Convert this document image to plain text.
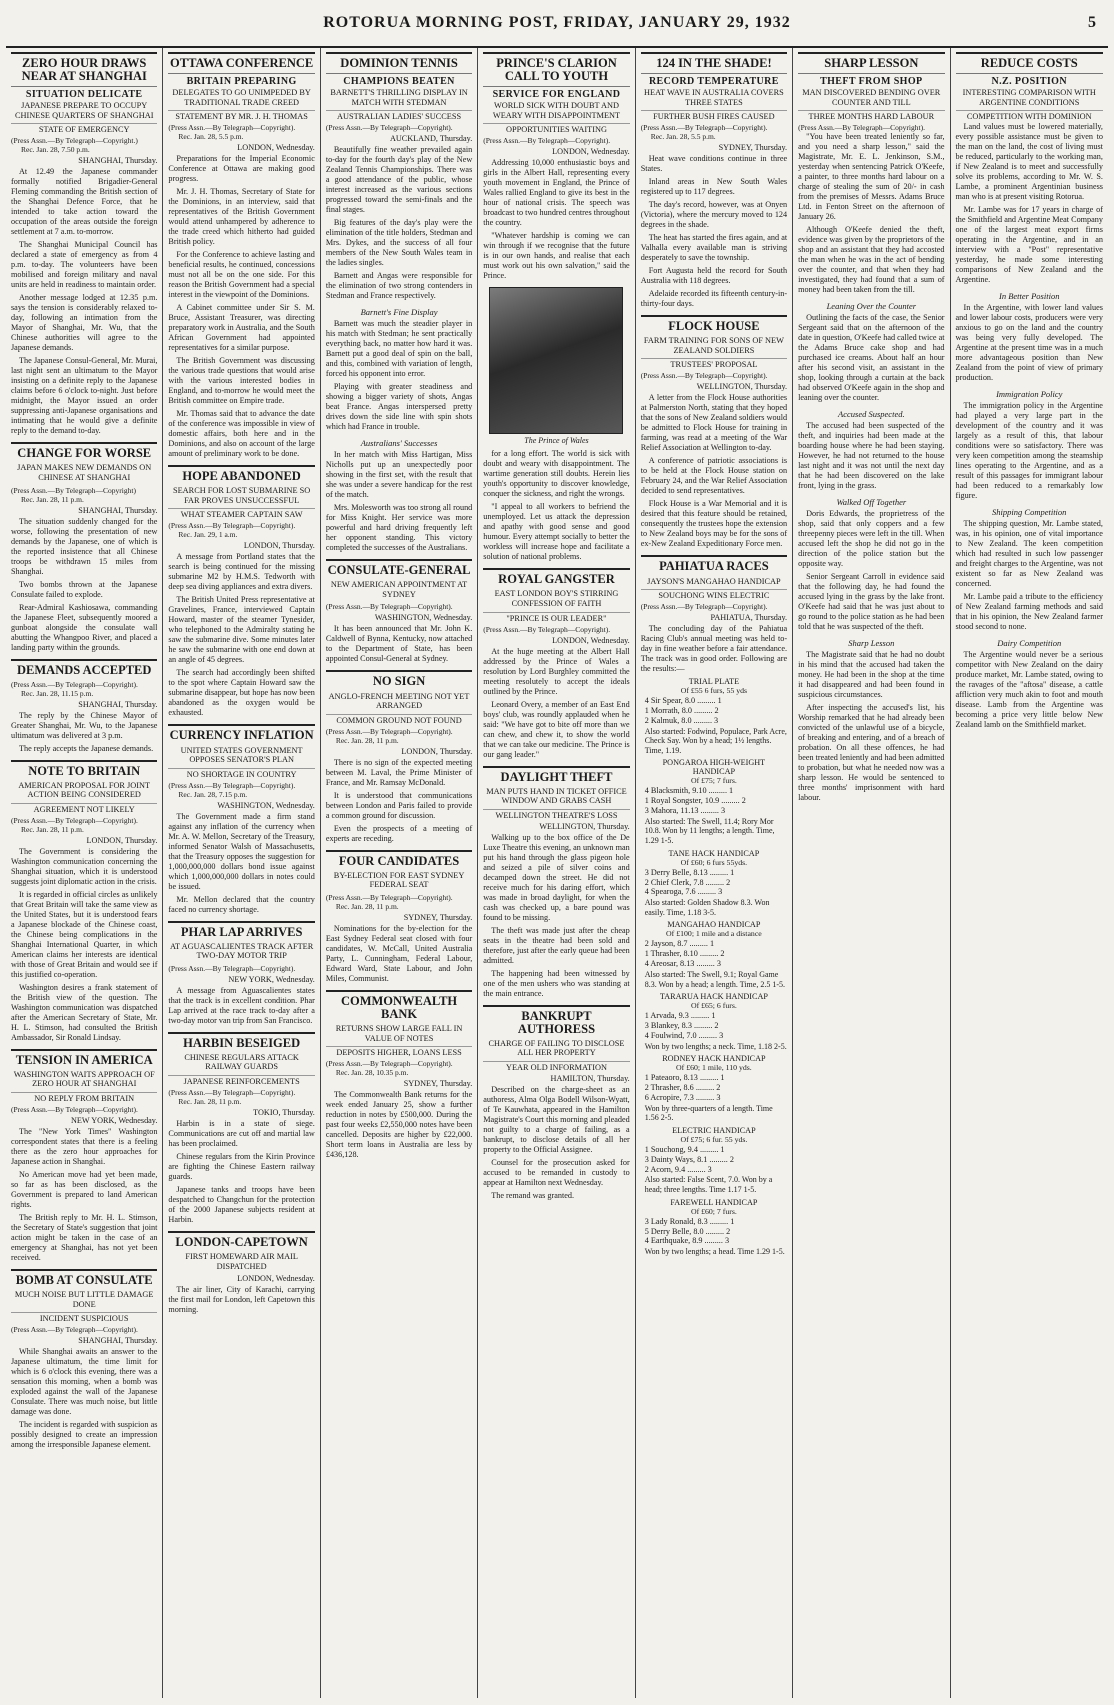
ROTORUA MORNING POST, FRIDAY, JANUARY 29, 1932	5
ZERO HOUR DRAWS NEAR AT SHANGHAI
SITUATION DELICATE
JAPANESE PREPARE TO OCCUPY CHINESE QUARTERS OF SHANGHAI
STATE OF EMERGENCY
(Press Assn.—By Telegraph—Copyright.)
Rec. Jan. 28, 7.50 p.m.
SHANGHAI, Thursday.

At 12.49 the Japanese commander formally notified Brigadier-General Fleming commanding the British section of the Shanghai Defence Force, that he intended to take action toward the occupation of the areas outside the foreign settlement at 7 a.m. to-morrow.

The Shanghai Municipal Council has declared a state of emergency as from 4 p.m. to-day. The volunteers have been mobilised and foreign military and naval units are held in readiness to maintain order.

Another message lodged at 12.35 p.m. says the tension is considerably relaxed to-day, following an intimation from the Mayor of Shanghai, Mr. Wu, that the Chinese authorities will agree to the Japanese demands.

The Japanese Consul-General, Mr. Murai, last night sent an ultimatum to the Mayor insisting on a definite reply to the Japanese claims before 6 o'clock to-night. Just before midnight, the Mayor issued an order suppressing anti-Japanese organisations and intimating that he would give a definite reply to the demand to-day.

CHANGE FOR WORSE
JAPAN MAKES NEW DEMANDS ON CHINESE AT SHANGHAI
(Press Assn.—By Telegraph—Copyright)
Rec. Jan. 28, 11 p.m.
SHANGHAI, Thursday.

The situation suddenly changed for the worse, following the presentation of new demands by the Japanese, one of which is the reported insistence that all Chinese troops be withdrawn 15 miles from Shanghai.

Two bombs thrown at the Japanese Consulate failed to explode.

Rear-Admiral Kashiosawa, commanding the Japanese Fleet, subsequently moored a gunboat alongside the consulate wall abutting the Whangpoo River, and placed a landing party within the grounds.

DEMANDS ACCEPTED
(Press Assn.—By Telegraph—Copyright).
Rec. Jan. 28, 11.15 p.m.
SHANGHAI, Thursday.

The reply by the Chinese Mayor of Greater Shanghai, Mr. Wu, to the Japanese ultimatum was delivered at 3 p.m.

The reply accepts the Japanese demands.

NOTE TO BRITAIN
AMERICAN PROPOSAL FOR JOINT ACTION BEING CONSIDERED
AGREEMENT NOT LIKELY
(Press Assn.—By Telegraph—Copyright).
Rec. Jan. 28, 11 p.m.
LONDON, Thursday.

The Government is considering the Washington communication concerning the Shanghai situation, which it is understood suggests joint diplomatic action in the crisis.

It is regarded in official circles as unlikely that Great Britain will take the same view as the United States, but it is understood fears a Japanese blockade of the Chinese coast, the Chinese being complications in the Shanghai International Quarter, in which American claims her interests are identical with those of Great Britain and would see if this justified co-operation.

Washington desires a frank statement of the British view of the question. The Washington communication was dispatched after the American Secretary of State, Mr. H. L. Stimson, had consulted the British Ambassador, Sir Ronald Lindsay.

TENSION IN AMERICA
WASHINGTON WAITS APPROACH OF ZERO HOUR AT SHANGHAI
NO REPLY FROM BRITAIN
(Press Assn.—By Telegraph—Copyright).
NEW YORK, Wednesday.

The "New York Times" Washington correspondent states that there is a feeling there as the zero hour approaches for Japanese action in Shanghai.

No American move had yet been made, so far as has been disclosed, as the Government is prepared to land American rights.

The British reply to Mr. H. L. Stimson, the Secretary of State's suggestion that joint action might be taken in the case of an emergency at Shanghai, has not yet been received.

BOMB AT CONSULATE
MUCH NOISE BUT LITTLE DAMAGE DONE
INCIDENT SUSPICIOUS
(Press Assn.—By Telegraph—Copyright).
SHANGHAI, Thursday.

While Shanghai awaits an answer to the Japanese ultimatum, the time limit for which is 6 o'clock this evening, there was a sensation this morning, when a bomb was exploded against the wall of the Japanese Consulate. There was much noise, but little damage was done.

The incident is regarded with suspicion as possibly designed to create an impression among the irresponsible Japanese element.

OTTAWA CONFERENCE
BRITAIN PREPARING
DELEGATES TO GO UNIMPEDED BY TRADITIONAL TRADE CREED
STATEMENT BY MR. J. H. THOMAS
(Press Assn.—By Telegraph—Copyright).
Rec. Jan. 28, 5.5 p.m.
LONDON, Wednesday.

Preparations for the Imperial Economic Conference at Ottawa are making good progress.

Mr. J. H. Thomas, Secretary of State for the Dominions, in an interview, said that representatives of the British Government would attend unhampered by adherence to the trade creed which hitherto had guided British policy.

For the Conference to achieve lasting and beneficial results, he continued, concessions must not all be on the one side. For this reason the British Government had a special interest in the viewpoint of the Dominions.

A Cabinet committee under Sir S. M. Bruce, Assistant Treasurer, was directing preparatory work in Australia, and the South African Government had appointed representatives for a similar purpose.

The British Government was discussing the various trade questions that would arise with the various interested bodies in England, and to-morrow he would meet the British committee on Empire trade.

Mr. Thomas said that to advance the date of the conference was impossible in view of domestic affairs, both here and in the Dominions, and also on account of the large amount of preliminary work to be done.

HOPE ABANDONED
SEARCH FOR LOST SUBMARINE SO FAR PROVES UNSUCCESSFUL
WHAT STEAMER CAPTAIN SAW
(Press Assn.—By Telegraph—Copyright).
Rec. Jan. 29, 1 a.m.
LONDON, Thursday.

A message from Portland states that the search is being continued for the missing submarine M2 by H.M.S. Tedworth with deep sea diving appliances and extra divers.

The British United Press representative at Gravelines, France, interviewed Captain Howard, master of the steamer Tynesider, who telephoned to the Admiralty stating he saw the submarine dive. Some minutes later he saw the submarine with one end down at an angle of 45 degrees.

The search had accordingly been shifted to the spot where Captain Howard saw the submarine disappear, but hope has now been abandoned as the oxygen would be exhausted.

CURRENCY INFLATION
UNITED STATES GOVERNMENT OPPOSES SENATOR'S PLAN
NO SHORTAGE IN COUNTRY
(Press Assn.—By Telegraph—Copyright).
Rec. Jan. 28, 7.15 p.m.
WASHINGTON, Wednesday.

The Government made a firm stand against any inflation of the currency when Mr. A. W. Mellon, Secretary of the Treasury, informed Senator Walsh of Massachusetts, that the Treasury opposes the suggestion for 1,000,000,000 dollars bond issue against which 1,000,000,000 dollars in notes could be issued.

Mr. Mellon declared that the country faced no currency shortage.

PHAR LAP ARRIVES
AT AGUASCALIENTES TRACK AFTER TWO-DAY MOTOR TRIP
(Press Assn.—By Telegraph—Copyright).
NEW YORK, Wednesday.

A message from Aguascalientes states that the track is in excellent condition. Phar Lap arrived at the race track to-day after a two-day motor van trip from San Francisco.

HARBIN BESEIGED
CHINESE REGULARS ATTACK RAILWAY GUARDS
JAPANESE REINFORCEMENTS
(Press Assn.—By Telegraph—Copyright).
Rec. Jan. 28, 11 p.m.
TOKIO, Thursday.

Harbin is in a state of siege. Communications are cut off and martial law has been proclaimed.

Chinese regulars from the Kirin Province are fighting the Chinese Eastern railway guards.

Japanese tanks and troops have been despatched to Changchun for the protection of the 2000 Japanese subjects resident at Harbin.

LONDON-CAPETOWN
FIRST HOMEWARD AIR MAIL DISPATCHED
LONDON, Wednesday.

The air liner, City of Karachi, carrying the first mail for London, left Capetown this morning.

DOMINION TENNIS
CHAMPIONS BEATEN
BARNETT'S THRILLING DISPLAY IN MATCH WITH STEDMAN
AUSTRALIAN LADIES' SUCCESS
(Press Assn.—By Telegraph—Copyright).
AUCKLAND, Thursday.

Beautifully fine weather prevailed again to-day for the fourth day's play of the New Zealand Tennis Championships. There was a good attendance of the public, whose interest increased as the various sections progressed toward the semi-finals and the final stages.

Big features of the day's play were the elimination of the title holders, Stedman and Mrs. Dykes, and the success of all four members of the New South Wales team in the ladies singles.

Barnett and Angas were responsible for the elimination of two strong contenders in Stedman and France respectively.

Barnett's Fine Display

Barnett was much the steadier player in his match with Stedman; he sent practically everything back, no matter how hard it was. Barnett put a good deal of spin on the ball, and this, combined with variation of length, forced his opponent into error.

Playing with greater steadiness and showing a bigger variety of shots, Angas beat France. Angas interspersed pretty drives down the side line with spin shots which had France in trouble.

Australians' Successes

In her match with Miss Hartigan, Miss Nicholls put up an unexpectedly poor showing in the first set, with the result that she was under a severe handicap for the rest of the match.

Mrs. Molesworth was too strong all round for Miss Knight. Her service was more powerful and hard driving frequently left her opponent standing. This victory completed the successes of the Australians.

CONSULATE-GENERAL
NEW AMERICAN APPOINTMENT AT SYDNEY
(Press Assn.—By Telegraph—Copyright).
WASHINGTON, Wednesday.

It has been announced that Mr. John K. Caldwell of Bynna, Kentucky, now attached to the Department of State, has been appointed Consul-General at Sydney.

NO SIGN
ANGLO-FRENCH MEETING NOT YET ARRANGED
COMMON GROUND NOT FOUND
(Press Assn.—By Telegraph—Copyright).
Rec. Jan. 28, 11 p.m.
LONDON, Thursday.

There is no sign of the expected meeting between M. Laval, the Prime Minister of France, and Mr. Ramsay McDonald.

It is understood that communications between London and Paris failed to provide a common ground for discussion.

Even the prospects of a meeting of experts are receding.

FOUR CANDIDATES
BY-ELECTION FOR EAST SYDNEY FEDERAL SEAT
(Press Assn.—By Telegraph—Copyright).
Rec. Jan. 28, 11 p.m.
SYDNEY, Thursday.

Nominations for the by-election for the East Sydney Federal seat closed with four candidates, W. McCall, United Australia Party, L. Cunningham, Federal Labour, Edward Ward, State Labour, and John Miles, Communist.

COMMONWEALTH BANK
RETURNS SHOW LARGE FALL IN VALUE OF NOTES
DEPOSITS HIGHER, LOANS LESS
(Press Assn.—By Telegraph—Copyright).
Rec. Jan. 28, 10.35 p.m.
SYDNEY, Thursday.

The Commonwealth Bank returns for the week ended January 25, show a further reduction in notes by £500,000. During the past four weeks £2,550,000 notes have been cancelled. Deposits are higher by £22,000. Short term loans in Australia are less by £436,128.

PRINCE'S CLARION CALL TO YOUTH
SERVICE FOR ENGLAND
WORLD SICK WITH DOUBT AND WEARY WITH DISAPPOINTMENT
OPPORTUNITIES WAITING
(Press Assn.—By Telegraph—Copyright).
LONDON, Wednesday.

Addressing 10,000 enthusiastic boys and girls in the Albert Hall, representing every youth movement in England, the Prince of Wales rallied England to give its best in the hour of national crisis. The speech was broadcast to two hundred centres throughout the country.

"Whatever hardship is coming we can win through if we recognise that the future is in our own hands, and realise that each must work out his own salvation," said the Prince.

The Prince of Wales

for a long effort. The world is sick with doubt and weary with disappointment. The wartime generation still doubts. Herein lies youth's opportunity to discover knowledge, conquer the sickness, and right the wrongs.

"I appeal to all workers to befriend the unemployed. Let us attack the depression and apathy with good sense and good humour. Every attempt socially to better the workless will increase hope and facilitate a solution of national problems.

ROYAL GANGSTER
EAST LONDON BOY'S STIRRING CONFESSION OF FAITH
"PRINCE IS OUR LEADER"
(Press Assn.—By Telegraph—Copyright).
LONDON, Wednesday.

At the huge meeting at the Albert Hall addressed by the Prince of Wales a resolution by Lord Burghley committed the meeting resolutely to accept the ideals outlined by the Prince.

Leonard Overy, a member of an East End boys' club, was roundly applauded when he said: "We have got to bite off more than we can chew, and chew it, to show the world that we can take our medicine. The Prince is our gang leader."

DAYLIGHT THEFT
MAN PUTS HAND IN TICKET OFFICE WINDOW AND GRABS CASH
WELLINGTON THEATRE'S LOSS
WELLINGTON, Thursday.

Walking up to the box office of the De Luxe Theatre this evening, an unknown man put his hand through the glass pigeon hole and seized a pile of silver coins and decamped down the street. He did not receive much for his daring effort, which was made in broad daylight, for when the cash was checked up, a bare pound was found to be missing.

The theft was made just after the cheap seats in the theatre had been sold and therefore, just after the early queue had been admitted.

The happening had been witnessed by one of the men ushers who was standing at the main entrance.

BANKRUPT AUTHORESS
CHARGE OF FAILING TO DISCLOSE ALL HER PROPERTY
YEAR OLD INFORMATION
HAMILTON, Thursday.

Described on the charge-sheet as an authoress, Alma Olga Bodell Wilson-Wyatt, of Te Kauwhata, appeared in the Hamilton Magistrate's Court this morning and pleaded not guilty to a charge of failing, as a bankrupt, to disclose details of all her property to the Official Assignee.

Counsel for the prosecution asked for accused to be remanded in custody to appear at Hamilton next Wednesday.

The remand was granted.

124 IN THE SHADE!
RECORD TEMPERATURE
HEAT WAVE IN AUSTRALIA COVERS THREE STATES
FURTHER BUSH FIRES CAUSED
(Press Assn.—By Telegraph—Copyright).
Rec. Jan. 28, 5.5 p.m.
SYDNEY, Thursday.

Heat wave conditions continue in three States.

Inland areas in New South Wales registered up to 117 degrees.

The day's record, however, was at Onyen (Victoria), where the mercury moved to 124 degrees in the shade.

The heat has started the fires again, and at Valhalla every available man is striving desperately to save the township.

Fort Augusta held the record for South Australia with 118 degrees.

Adelaide recorded its fifteenth century-in-thirty-four days.

FLOCK HOUSE
FARM TRAINING FOR SONS OF NEW ZEALAND SOLDIERS
TRUSTEES' PROPOSAL
(Press Assn.—By Telegraph—Copyright).
WELLINGTON, Thursday.

A letter from the Flock House authorities at Palmerston North, stating that they hoped that the sons of New Zealand soldiers would be admitted to Flock House for training in farming, was read at a meeting of the War Relief Association at Wellington to-day.

A conference of patriotic associations is to be held at the Flock House station on February 24, and the War Relief Association decided to send representatives.

Flock House is a War Memorial and it is desired that this feature should be retained, consequently the trustees hope the extension to New Zealand boys may be for the sons of ex-New Zealand Expeditionary Force men.

PAHIATUA RACES
JAYSON'S MANGAHAO HANDICAP
SOUCHONG WINS ELECTRIC
(Press Assn.—By Telegraph—Copyright).
PAHIATUA, Thursday.

The concluding day of the Pahiatua Racing Club's annual meeting was held to-day in fine weather before a fair attendance. The track was in good order. Following are the results:—

TRIAL PLATE
Of £55 6 furs, 55 yds
4 Sir Spear, 8.0 ......... 1
1 Morrath, 8.0 ......... 2
2 Kalmuk, 8.0 ......... 3
Also started: Fodwind, Populace, Park Acre, Check Say. Won by a head; 1½ lengths. Time, 1.19.
PONGAROA HIGH-WEIGHT HANDICAP
Of £75; 7 furs.
4 Blacksmith, 9.10 ......... 1
1 Royal Songster, 10.9 ......... 2
3 Mahora, 11.13 ......... 3
Also started: The Swell, 11.4; Rory Mor 10.8. Won by 11 lengths; a length. Time, 1.29 1-5.
TANE HACK HANDICAP
Of £60; 6 furs 55yds.
3 Derry Belle, 8.13 ......... 1
2 Chief Clerk, 7.8 ......... 2
4 Spearoga, 7.6 ......... 3
Also started: Golden Shadow 8.3. Won easily. Time, 1.18 3-5.
MANGAHAO HANDICAP
Of £100; 1 mile and a distance
2 Jayson, 8.7 ......... 1
1 Thrasher, 8.10 ......... 2
4 Areosar, 8.13 ......... 3
Also started: The Swell, 9.1; Royal Game 8.3. Won by a head; a length. Time, 2.5 1-5.
TARARUA HACK HANDICAP
Of £65; 6 furs.
1 Arvada, 9.3 ......... 1
3 Blankey, 8.3 ......... 2
4 Foulwind, 7.0 ......... 3
Won by two lengths; a neck. Time, 1.18 2-5.
RODNEY HACK HANDICAP
Of £60; 1 mile, 110 yds.
1 Pateaoro, 8.13 ......... 1
2 Thrasher, 8.6 ......... 2
6 Acropire, 7.3 ......... 3
Won by three-quarters of a length. Time 1.56 2-5.
ELECTRIC HANDICAP
Of £75; 6 fur. 55 yds.
1 Souchong, 9.4 ......... 1
3 Dainty Ways, 8.1 ......... 2
2 Acorn, 9.4 ......... 3
Also started: False Scent, 7.0. Won by a head; three lengths. Time 1.17 1-5.
FAREWELL HANDICAP
Of £60; 7 furs.
3 Lady Ronald, 8.3 ......... 1
5 Derry Belle, 8.0 ......... 2
4 Earthquake, 8.9 ......... 3
Won by two lengths; a head. Time 1.29 1-5.
SHARP LESSON
THEFT FROM SHOP
MAN DISCOVERED BENDING OVER COUNTER AND TILL
THREE MONTHS HARD LABOUR
(Press Assn.—By Telegraph—Copyright).

"You have been treated leniently so far, and you need a sharp lesson," said the Magistrate, Mr. E. L. Jenkinson, S.M., yesterday when sentencing Patrick O'Keefe, a painter, to three months hard labour on a charge of stealing the sum of 20/- in cash from the premises of Messrs. Adams Bruce Ltd. in Fenton Street on the afternoon of January 26.

Although O'Keefe denied the theft, evidence was given by the proprietors of the shop and an assistant that they had accosted the man when he was in the act of bending over the counter, and that when they had investigated, they had found that a sum of money had been taken from the till.

Leaning Over the Counter

Outlining the facts of the case, the Senior Sergeant said that on the afternoon of the date in question, O'Keefe had called twice at the Adams Bruce cake shop and had purchased ice creams. About half an hour after his second visit, an assistant in the shop, looking through a curtain at the back had observed O'Keefe again in the shop and leaning over the counter.

Accused Suspected.

The accused had been suspected of the theft, and inquiries had been made at the boarding house where he had been staying. However, he had not returned to the house last night and it was not until the next day that he had been discovered on the lake front, lying in the grass.

Walked Off Together

Doris Edwards, the proprietress of the shop, said that only coppers and a few threepenny pieces were left in the till. When accused left the shop he did not go in the direction of the police station but the opposite way.

Senior Sergeant Carroll in evidence said that the following day, he had found the accused lying in the grass by the lake front. O'Keefe had said that he was just about to go round to the police station as he had been told that he was suspected of the theft.

Sharp Lesson

The Magistrate said that he had no doubt in his mind that the accused had taken the money. He had been in the shop at the time it had disappeared and had been found in suspicious circumstances.

After inspecting the accused's list, his Worship remarked that he had already been convicted of the unlawful use of a bicycle, of breaking and entering, and of a breach of probation. On all these offences, he had been treated leniently and had been admitted to probation, but what he needed now was a sharp lesson. He would be sentenced to three months' imprisonment with hard labour.

REDUCE COSTS
N.Z. POSITION
INTERESTING COMPARISON WITH ARGENTINE CONDITIONS
COMPETITION WITH DOMINION

Land values must be lowered materially, every possible assistance must be given to the man on the land, the cost of living must be reduced, particularly to the working man, if New Zealand is to meet and successfully solve its problems, according to Mr. W. S. Lambe, a prominent Argentinian business man who is at present visiting Rotorua.

Mr. Lambe was for 17 years in charge of the Smithfield and Argentine Meat Company one of the largest meat export firms operating in the Argentine, and in an interview with a "Post" representative yesterday, he made some interesting comparisons of New Zealand and the Argentine.

In Better Position

In the Argentine, with lower land values and lower labour costs, producers were very anxious to go on the land and the country was being very fully developed. The Argentine at the present time was in a much more advantageous position than New Zealand from the point of view of primary production.

Immigration Policy

The immigration policy in the Argentine had played a very large part in the development of the country and it was largely as a result of this, that labour conditions were so satisfactory. There was very keen competition among the steamship lines operating to the Argentine, and as a result of this passages for immigrant labour had been reduced to a remarkably low figure.

Shipping Competition

The shipping question, Mr. Lambe stated, was, in his opinion, one of vital importance to New Zealand. The keen competition which had resulted in such low passenger and freight charges to the Argentine, was not existent so far as New Zealand was concerned.

Mr. Lambe paid a tribute to the efficiency of New Zealand farming methods and said that in his opinion, the New Zealand farmer stood second to none.

Dairy Competition

The Argentine would never be a serious competitor with New Zealand on the dairy produce market, Mr. Lambe stated, owing to the ravages of the "aftosa" disease, a cattle affliction very much akin to foot and mouth disease. Lamb from the Argentine was becoming a price very little below New Zealand lamb on the Smithfield market.
